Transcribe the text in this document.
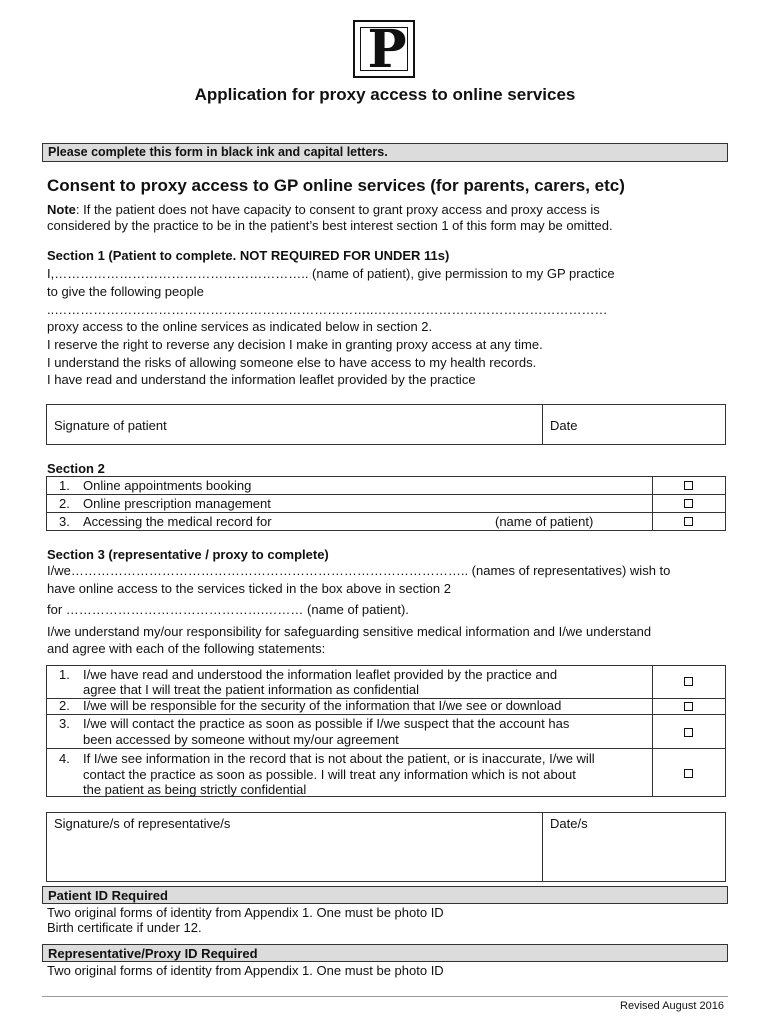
P
Application for proxy access to online services
Please complete this form in black ink and capital letters.
Consent to proxy access to GP online services (for parents, carers, etc)
Note: If the patient does not have capacity to consent to grant proxy access and proxy access is
considered by the practice to be in the patient’s best interest section 1 of this form may be omitted.
Section 1 (Patient to complete. NOT REQUIRED FOR UNDER 11s)
I,………………………………………………….. (name of patient), give permission to my GP practice
to give the following people
..………………………………………………………………..………………………………………………
proxy access to the online services as indicated below in section 2.
I reserve the right to reverse any decision I make in granting proxy access at any time.
I understand the risks of allowing someone else to have access to my health records.
I have read and understand the information leaflet provided by the practice
Signature of patient	Date
Section 2
1. Online appointments booking
2. Online prescription management
3. Accessing the medical record for	(name of patient)
Section 3 (representative / proxy to complete)
I/we……………………………………………………………………………….. (names of representatives) wish to
have online access to the services ticked in the box above in section 2
for ……………………………………….……… (name of patient).
I/we understand my/our responsibility for safeguarding sensitive medical information and I/we understand
and agree with each of the following statements:
1. I/we have read and understood the information leaflet provided by the practice and
agree that I will treat the patient information as confidential
2. I/we will be responsible for the security of the information that I/we see or download
3. I/we will contact the practice as soon as possible if I/we suspect that the account has
been accessed by someone without my/our agreement
4. If I/we see information in the record that is not about the patient, or is inaccurate, I/we will
contact the practice as soon as possible. I will treat any information which is not about
the patient as being strictly confidential
Signature/s of representative/s	Date/s
Patient ID Required
Two original forms of identity from Appendix 1. One must be photo ID
Birth certificate if under 12.
Representative/Proxy ID Required
Two original forms of identity from Appendix 1. One must be photo ID
Revised August 2016
